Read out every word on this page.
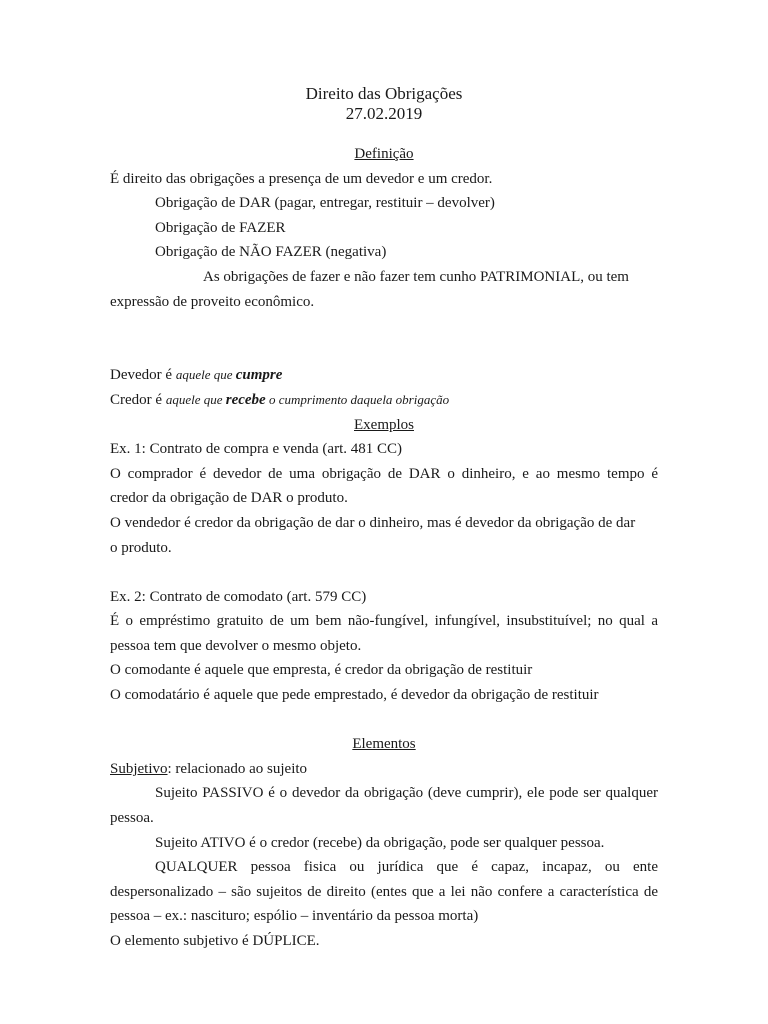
Direito das Obrigações
27.02.2019
Definição
É direito das obrigações a presença de um devedor e um credor.
Obrigação de DAR (pagar, entregar, restituir – devolver)
Obrigação de FAZER
Obrigação de NÃO FAZER (negativa)
As obrigações de fazer e não fazer tem cunho PATRIMONIAL, ou tem
expressão de proveito econômico.
Devedor é aquele que cumpre
Credor é aquele que recebe o cumprimento daquela obrigação
Exemplos
Ex. 1: Contrato de compra e venda (art. 481 CC)
O comprador é devedor de uma obrigação de DAR o dinheiro, e ao mesmo tempo é
credor da obrigação de DAR o produto.
O vendedor é credor da obrigação de dar o dinheiro, mas é devedor da obrigação de dar
o produto.
Ex. 2: Contrato de comodato (art. 579 CC)
É o empréstimo gratuito de um bem não-fungível, infungível, insubstituível; no qual a
pessoa tem que devolver o mesmo objeto.
O comodante é aquele que empresta, é credor da obrigação de restituir
O comodatário é aquele que pede emprestado, é devedor da obrigação de restituir
Elementos
Subjetivo: relacionado ao sujeito
Sujeito PASSIVO é o devedor da obrigação (deve cumprir), ele pode ser qualquer
pessoa.
Sujeito ATIVO é o credor (recebe) da obrigação, pode ser qualquer pessoa.
QUALQUER pessoa fisica ou jurídica que é capaz, incapaz, ou ente
despersonalizado – são sujeitos de direito (entes que a lei não confere a característica de
pessoa – ex.: nascituro; espólio – inventário da pessoa morta)
O elemento subjetivo é DÚPLICE.
